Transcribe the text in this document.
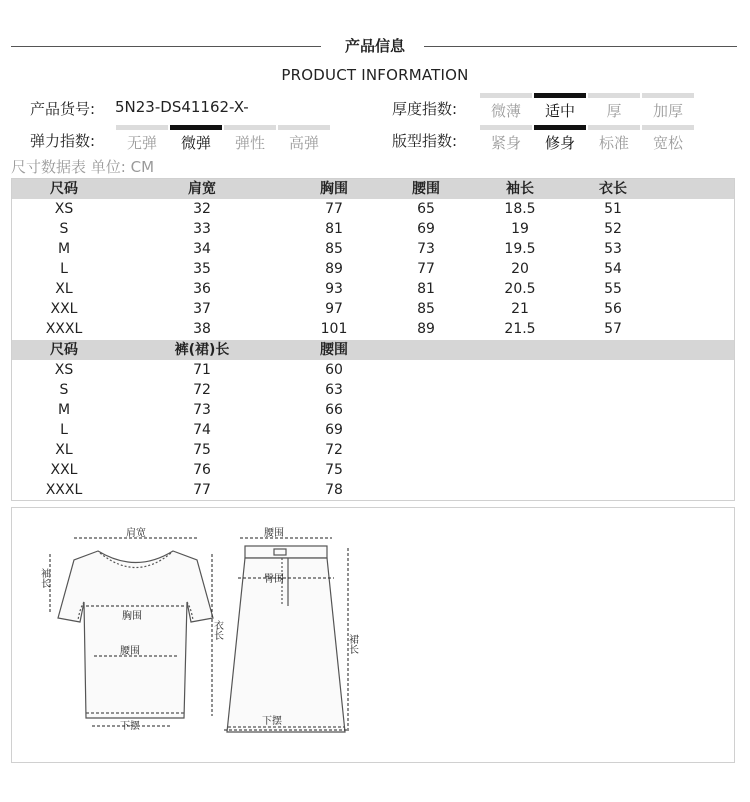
产品信息
PRODUCT INFORMATION
产品货号: 5N23-DS41162-X-	厚度指数:	微薄	适中	厚	加厚
弹力指数:	无弹	微弹	弹性	高弹	版型指数:	紧身	修身	标准	宽松
尺寸数据表 单位: CM
尺码	肩宽	胸围	腰围	袖长	衣长
XS	32	77	65	18.5	51
S	33	81	69	19	52
M	34	85	73	19.5	53
L	35	89	77	20	54
XL	36	93	81	20.5	55
XXL	37	97	85	21	56
XXXL	38	101	89	21.5	57
尺码	裤(裙)长	腰围
XS	71	60
S	72	63
M	73	66
L	74	69
XL	75	72
XXL	76	75
XXXL	77	78
肩宽
袖长
胸围
腰围
衣长
下摆
腰围
臀围
裙长
下摆
